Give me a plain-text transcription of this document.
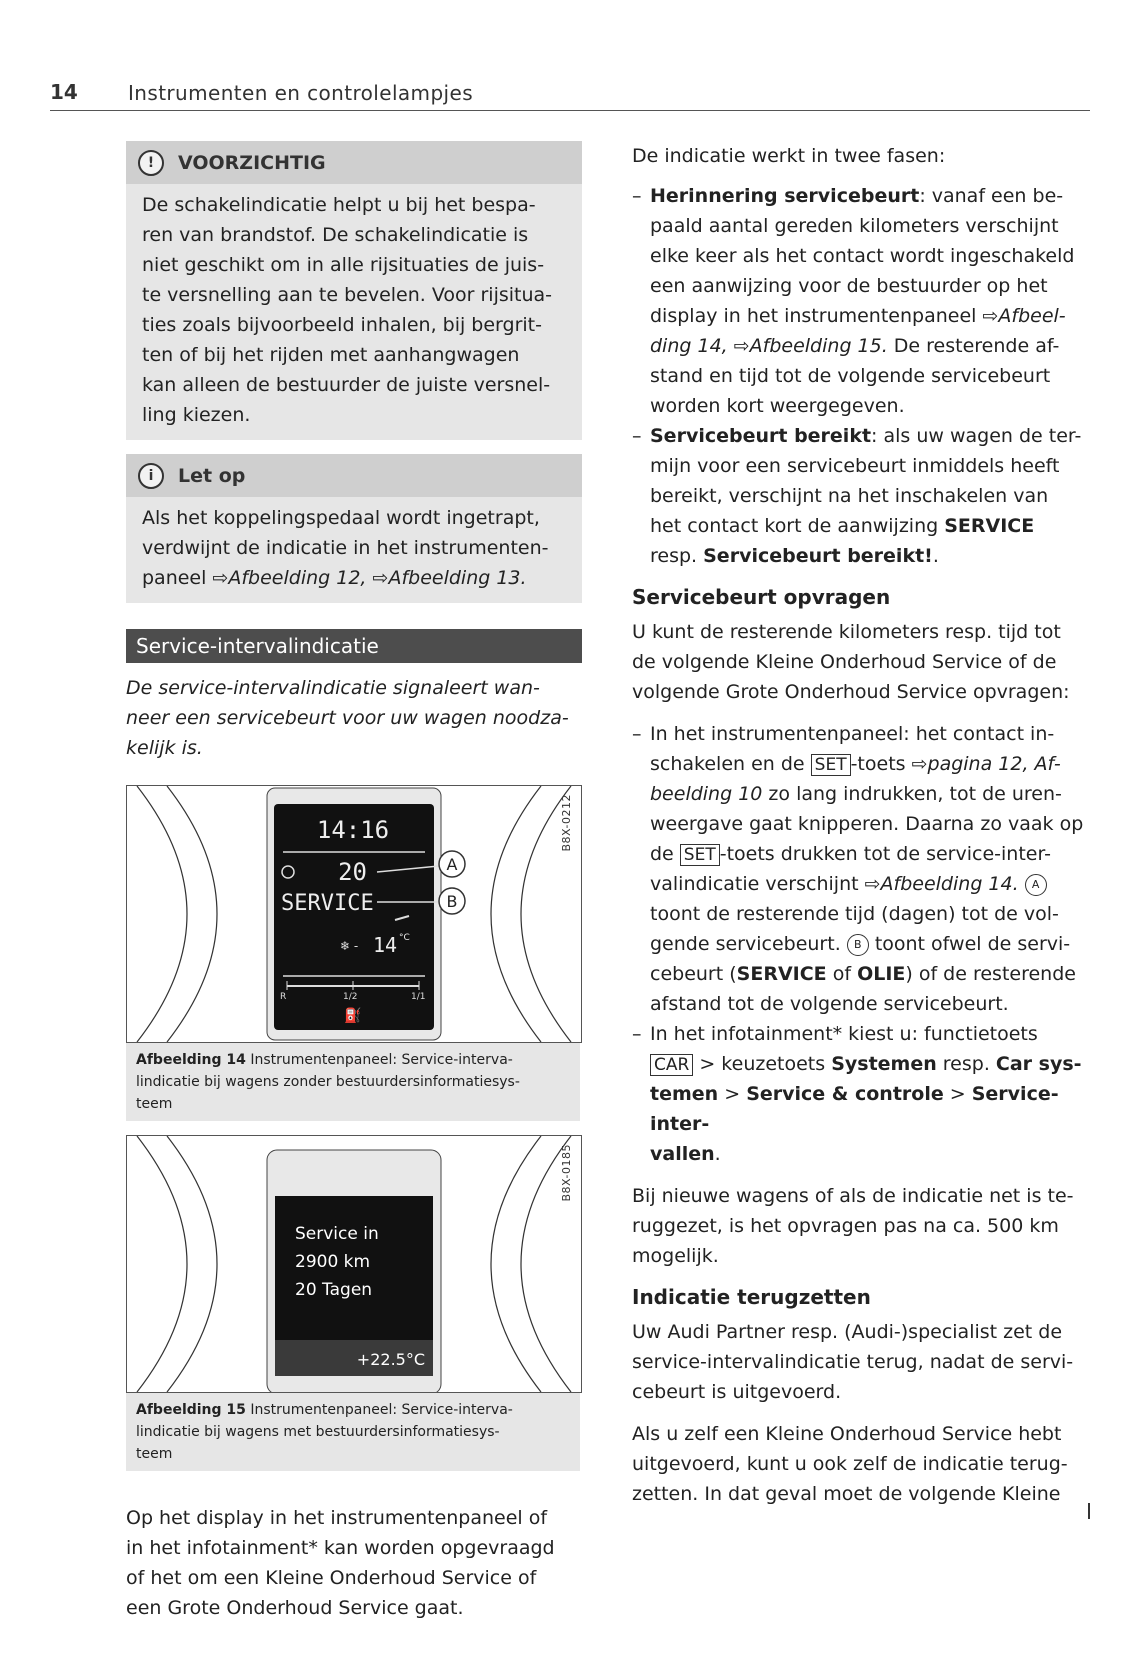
14	Instrumenten en controlelampjes
!	VOORZICHTIG
De schakelindicatie helpt u bij het bespa-
ren van brandstof. De schakelindicatie is
niet geschikt om in alle rijsituaties de juis-
te versnelling aan te bevelen. Voor rijsitua-
ties zoals bijvoorbeeld inhalen, bij bergrit-
ten of bij het rijden met aanhangwagen
kan alleen de bestuurder de juiste versnel-
ling kiezen.
i	Let op
Als het koppelingspedaal wordt ingetrapt,
verdwijnt de indicatie in het instrumenten-
paneel ⇨Afbeelding 12, ⇨Afbeelding 13.
Service-intervalindicatie
De service-intervalindicatie signaleert wan-
neer een servicebeurt voor uw wagen noodza-
kelijk is.
14:16
20
SERVICE
❄ - 14 °C
R	1/2	1/1
⛽
A
B
B8X-0212
Afbeelding 14 Instrumentenpaneel: Service-interva-
lindicatie bij wagens zonder bestuurdersinformatiesys-
teem
Service in
2900 km
20 Tagen
+22.5°C
B8X-0185
Afbeelding 15 Instrumentenpaneel: Service-interva-
lindicatie bij wagens met bestuurdersinformatiesys-
teem
Op het display in het instrumentenpaneel of
in het infotainment* kan worden opgevraagd
of het om een Kleine Onderhoud Service of
een Grote Onderhoud Service gaat.
De indicatie werkt in twee fasen:
– Herinnering servicebeurt: vanaf een be-
paald aantal gereden kilometers verschijnt
elke keer als het contact wordt ingeschakeld
een aanwijzing voor de bestuurder op het
display in het instrumentenpaneel ⇨Afbeel-
ding 14, ⇨Afbeelding 15. De resterende af-
stand en tijd tot de volgende servicebeurt
worden kort weergegeven.
– Servicebeurt bereikt: als uw wagen de ter-
mijn voor een servicebeurt inmiddels heeft
bereikt, verschijnt na het inschakelen van
het contact kort de aanwijzing SERVICE
resp. Servicebeurt bereikt!.
Servicebeurt opvragen
U kunt de resterende kilometers resp. tijd tot
de volgende Kleine Onderhoud Service of de
volgende Grote Onderhoud Service opvragen:
– In het instrumentenpaneel: het contact in-
schakelen en de SET -toets ⇨pagina 12, Af-
beelding 10 zo lang indrukken, tot de uren-
weergave gaat knipperen. Daarna zo vaak op
de SET -toets drukken tot de service-inter-
valindicatie verschijnt ⇨Afbeelding 14. A
toont de resterende tijd (dagen) tot de vol-
gende servicebeurt. B toont ofwel de servi-
cebeurt (SERVICE of OLIE) of de resterende
afstand tot de volgende servicebeurt.
– In het infotainment* kiest u: functietoets
CAR > keuzetoets Systemen resp. Car sys-
temen > Service & controle > Service-inter-
vallen.
Bij nieuwe wagens of als de indicatie net is te-
ruggezet, is het opvragen pas na ca. 500 km
mogelijk.
Indicatie terugzetten
Uw Audi Partner resp. (Audi-)specialist zet de
service-intervalindicatie terug, nadat de servi-
cebeurt is uitgevoerd.
Als u zelf een Kleine Onderhoud Service hebt
uitgevoerd, kunt u ook zelf de indicatie terug-
zetten. In dat geval moet de volgende Kleine
